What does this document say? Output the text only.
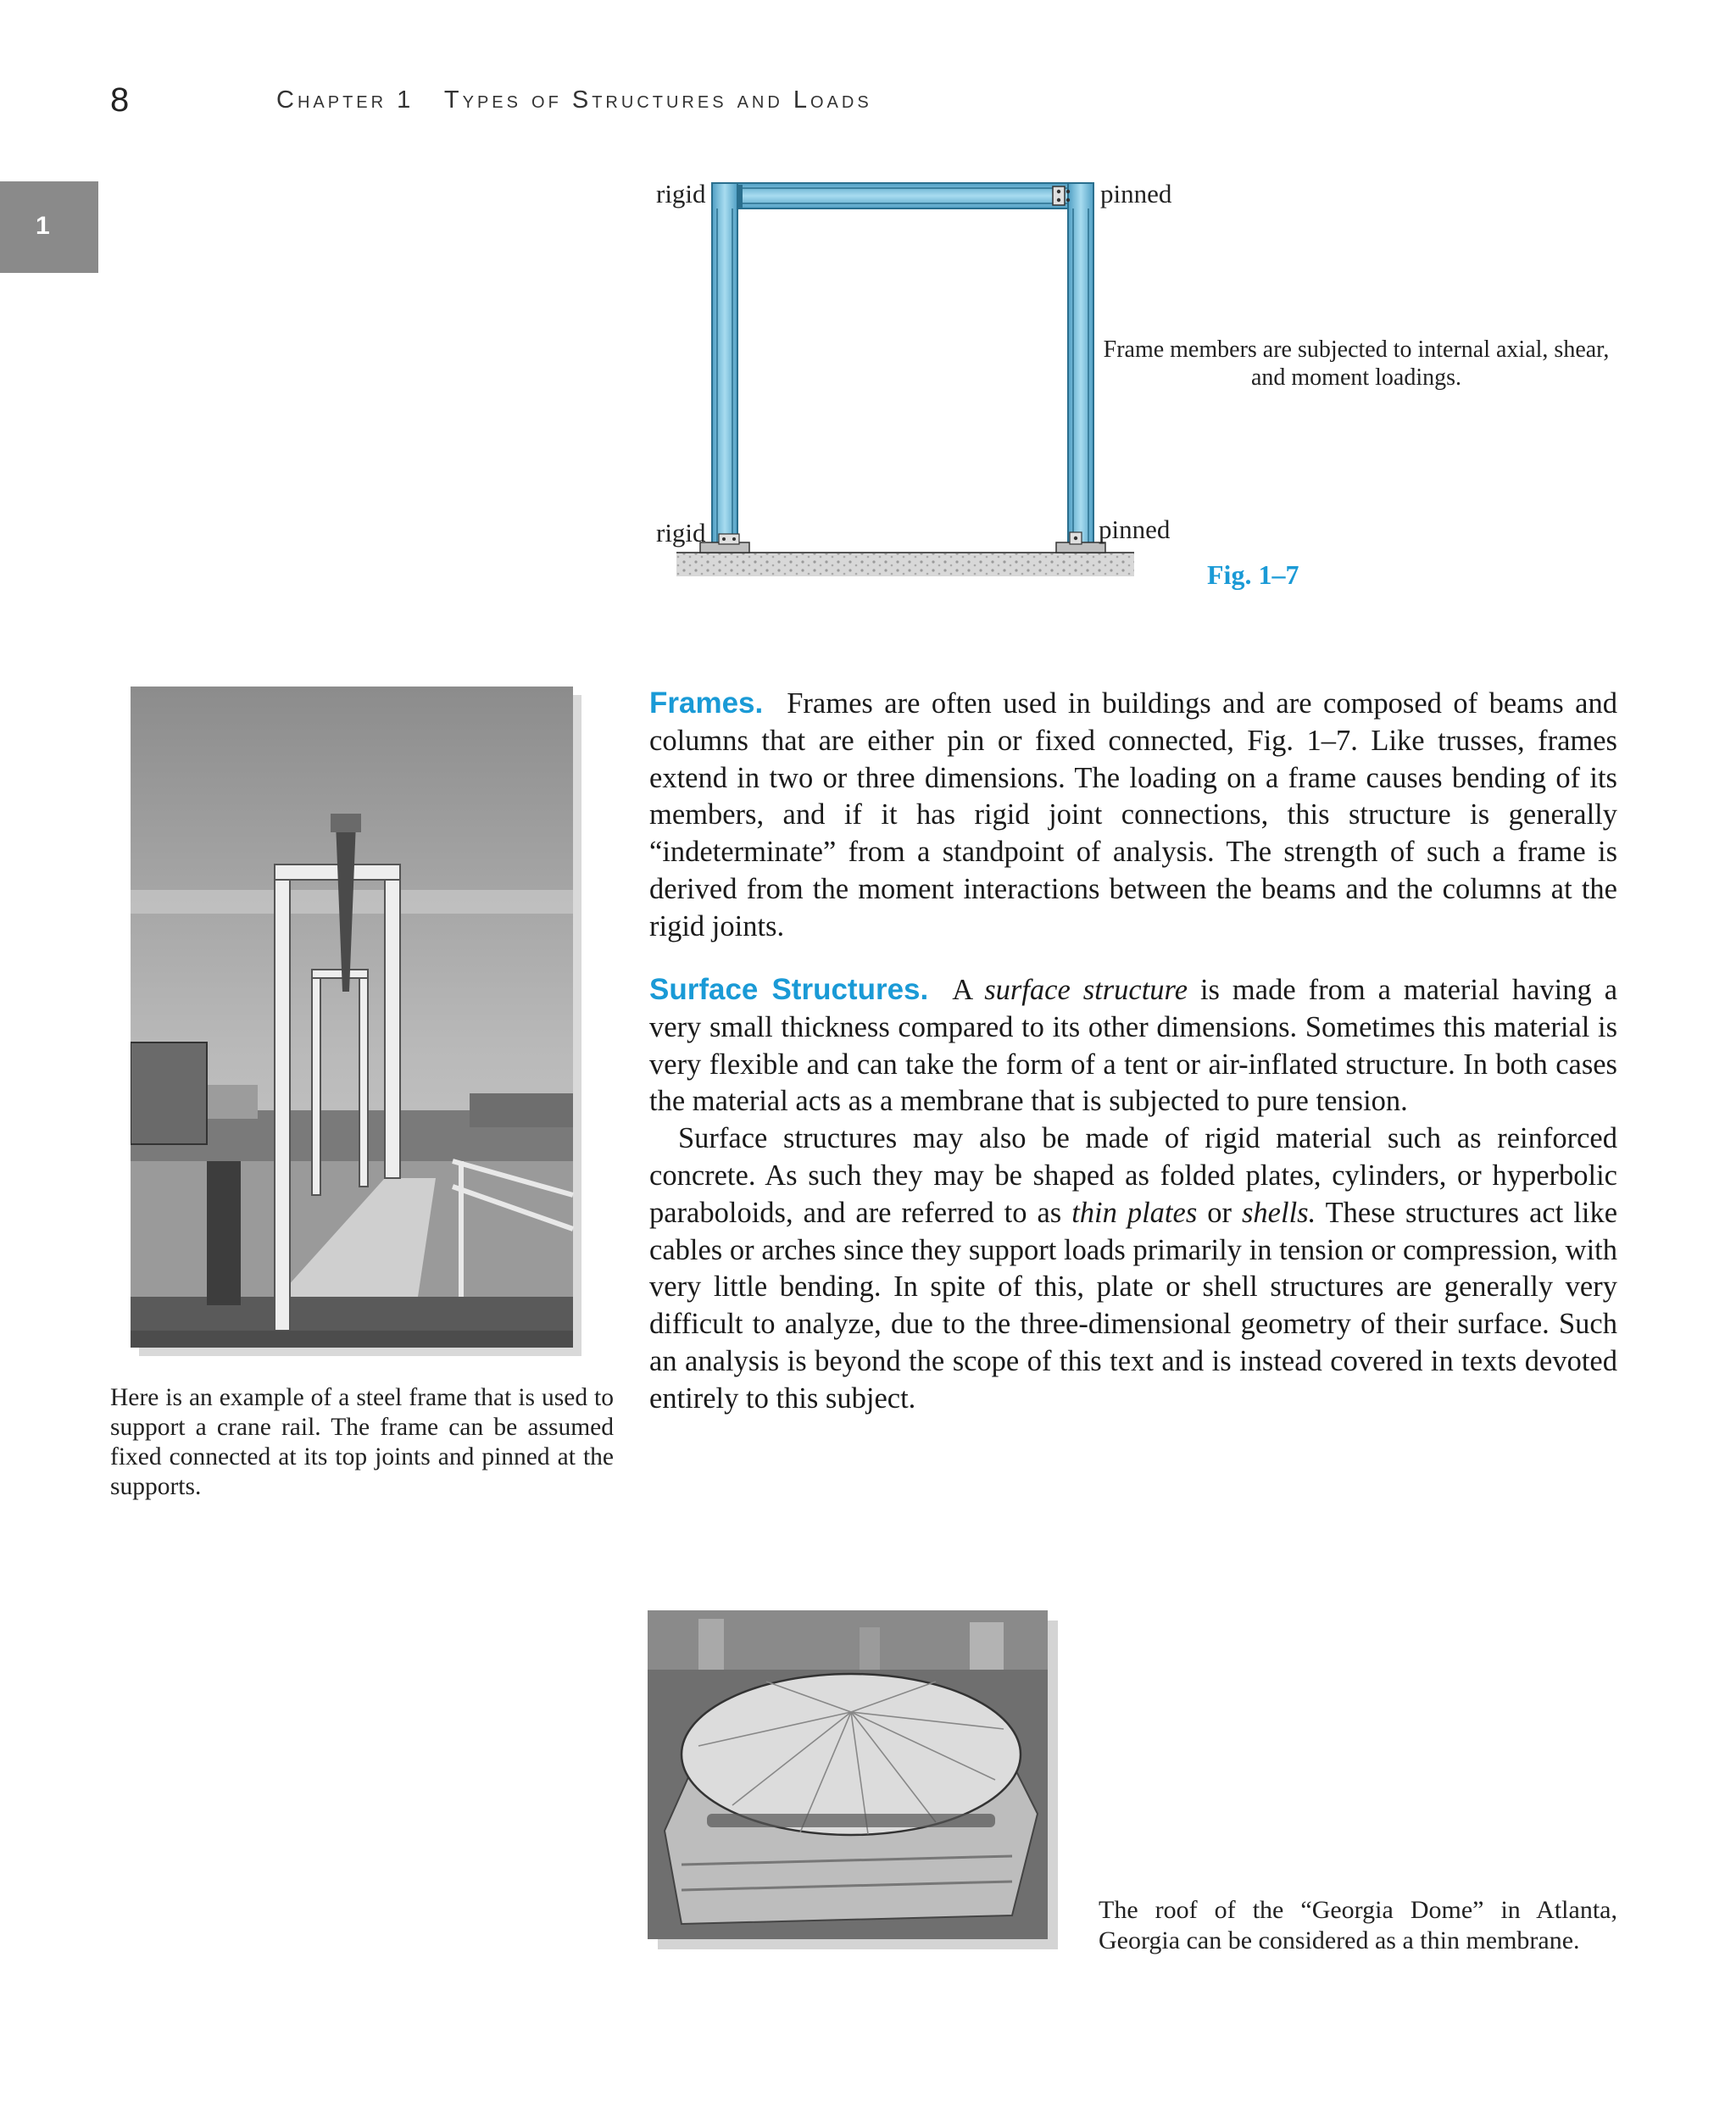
8	Chapter 1   Types of Structures and Loads
1
rigid	pinned
rigid	pinned
Frame members are subjected to internal axial, shear, and moment loadings.
Fig. 1–7
Here is an example of a steel frame that is used to support a crane rail. The frame can be assumed fixed connected at its top joints and pinned at the supports.

Frames. Frames are often used in buildings and are composed of beams and columns that are either pin or fixed connected, Fig. 1–7. Like trusses, frames extend in two or three dimensions. The loading on a frame causes bending of its members, and if it has rigid joint connections, this structure is generally “indeterminate” from a standpoint of analysis. The strength of such a frame is derived from the moment interactions between the beams and the columns at the rigid joints.

Surface Structures. A surface structure is made from a material having a very small thickness compared to its other dimensions. Sometimes this material is very flexible and can take the form of a tent or air-inflated structure. In both cases the material acts as a membrane that is subjected to pure tension.

Surface structures may also be made of rigid material such as reinforced concrete. As such they may be shaped as folded plates, cylinders, or hyperbolic paraboloids, and are referred to as thin plates or shells. These structures act like cables or arches since they support loads primarily in tension or compression, with very little bending. In spite of this, plate or shell structures are generally very difficult to analyze, due to the three-dimensional geometry of their surface. Such an analysis is beyond the scope of this text and is instead covered in texts devoted entirely to this subject.

The roof of the “Georgia Dome” in Atlanta, Georgia can be considered as a thin membrane.
